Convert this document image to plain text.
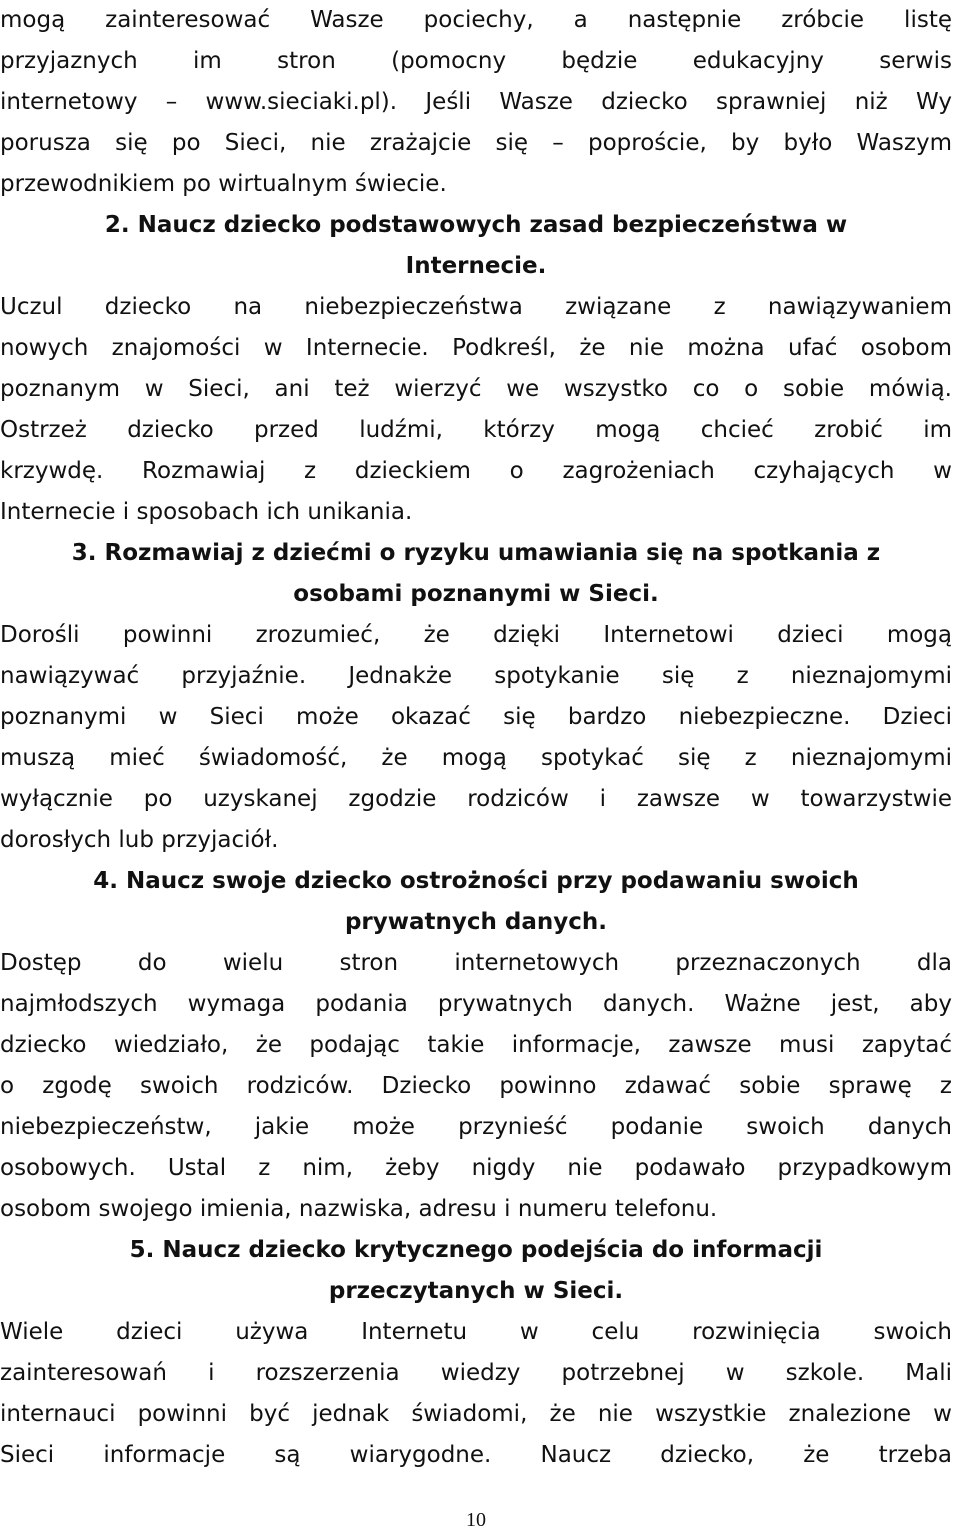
mogą zainteresować Wasze pociechy, a następnie zróbcie listę
przyjaznych im stron (pomocny będzie edukacyjny serwis
internetowy – www.sieciaki.pl). Jeśli Wasze dziecko sprawniej niż Wy
porusza się po Sieci, nie zrażajcie się – poproście, by było Waszym
przewodnikiem po wirtualnym świecie.
2. Naucz dziecko podstawowych zasad bezpieczeństwa w
Internecie.
Uczul dziecko na niebezpieczeństwa związane z nawiązywaniem
nowych znajomości w Internecie. Podkreśl, że nie można ufać osobom
poznanym w Sieci, ani też wierzyć we wszystko co o sobie mówią.
Ostrzeż dziecko przed ludźmi, którzy mogą chcieć zrobić im
krzywdę. Rozmawiaj z dzieckiem o zagrożeniach czyhających w
Internecie i sposobach ich unikania.
3. Rozmawiaj z dziećmi o ryzyku umawiania się na spotkania z
osobami poznanymi w Sieci.
Dorośli powinni zrozumieć, że dzięki Internetowi dzieci mogą
nawiązywać przyjaźnie. Jednakże spotykanie się z nieznajomymi
poznanymi w Sieci może okazać się bardzo niebezpieczne. Dzieci
muszą mieć świadomość, że mogą spotykać się z nieznajomymi
wyłącznie po uzyskanej zgodzie rodziców i zawsze w towarzystwie
dorosłych lub przyjaciół.
4. Naucz swoje dziecko ostrożności przy podawaniu swoich
prywatnych danych.
Dostęp do wielu stron internetowych przeznaczonych dla
najmłodszych wymaga podania prywatnych danych. Ważne jest, aby
dziecko wiedziało, że podając takie informacje, zawsze musi zapytać
o zgodę swoich rodziców. Dziecko powinno zdawać sobie sprawę z
niebezpieczeństw, jakie może przynieść podanie swoich danych
osobowych. Ustal z nim, żeby nigdy nie podawało przypadkowym
osobom swojego imienia, nazwiska, adresu i numeru telefonu.
5. Naucz dziecko krytycznego podejścia do informacji
przeczytanych w Sieci.
Wiele dzieci używa Internetu w celu rozwinięcia swoich
zainteresowań i rozszerzenia wiedzy potrzebnej w szkole. Mali
internauci powinni być jednak świadomi, że nie wszystkie znalezione w
Sieci informacje są wiarygodne. Naucz dziecko, że trzeba
10
